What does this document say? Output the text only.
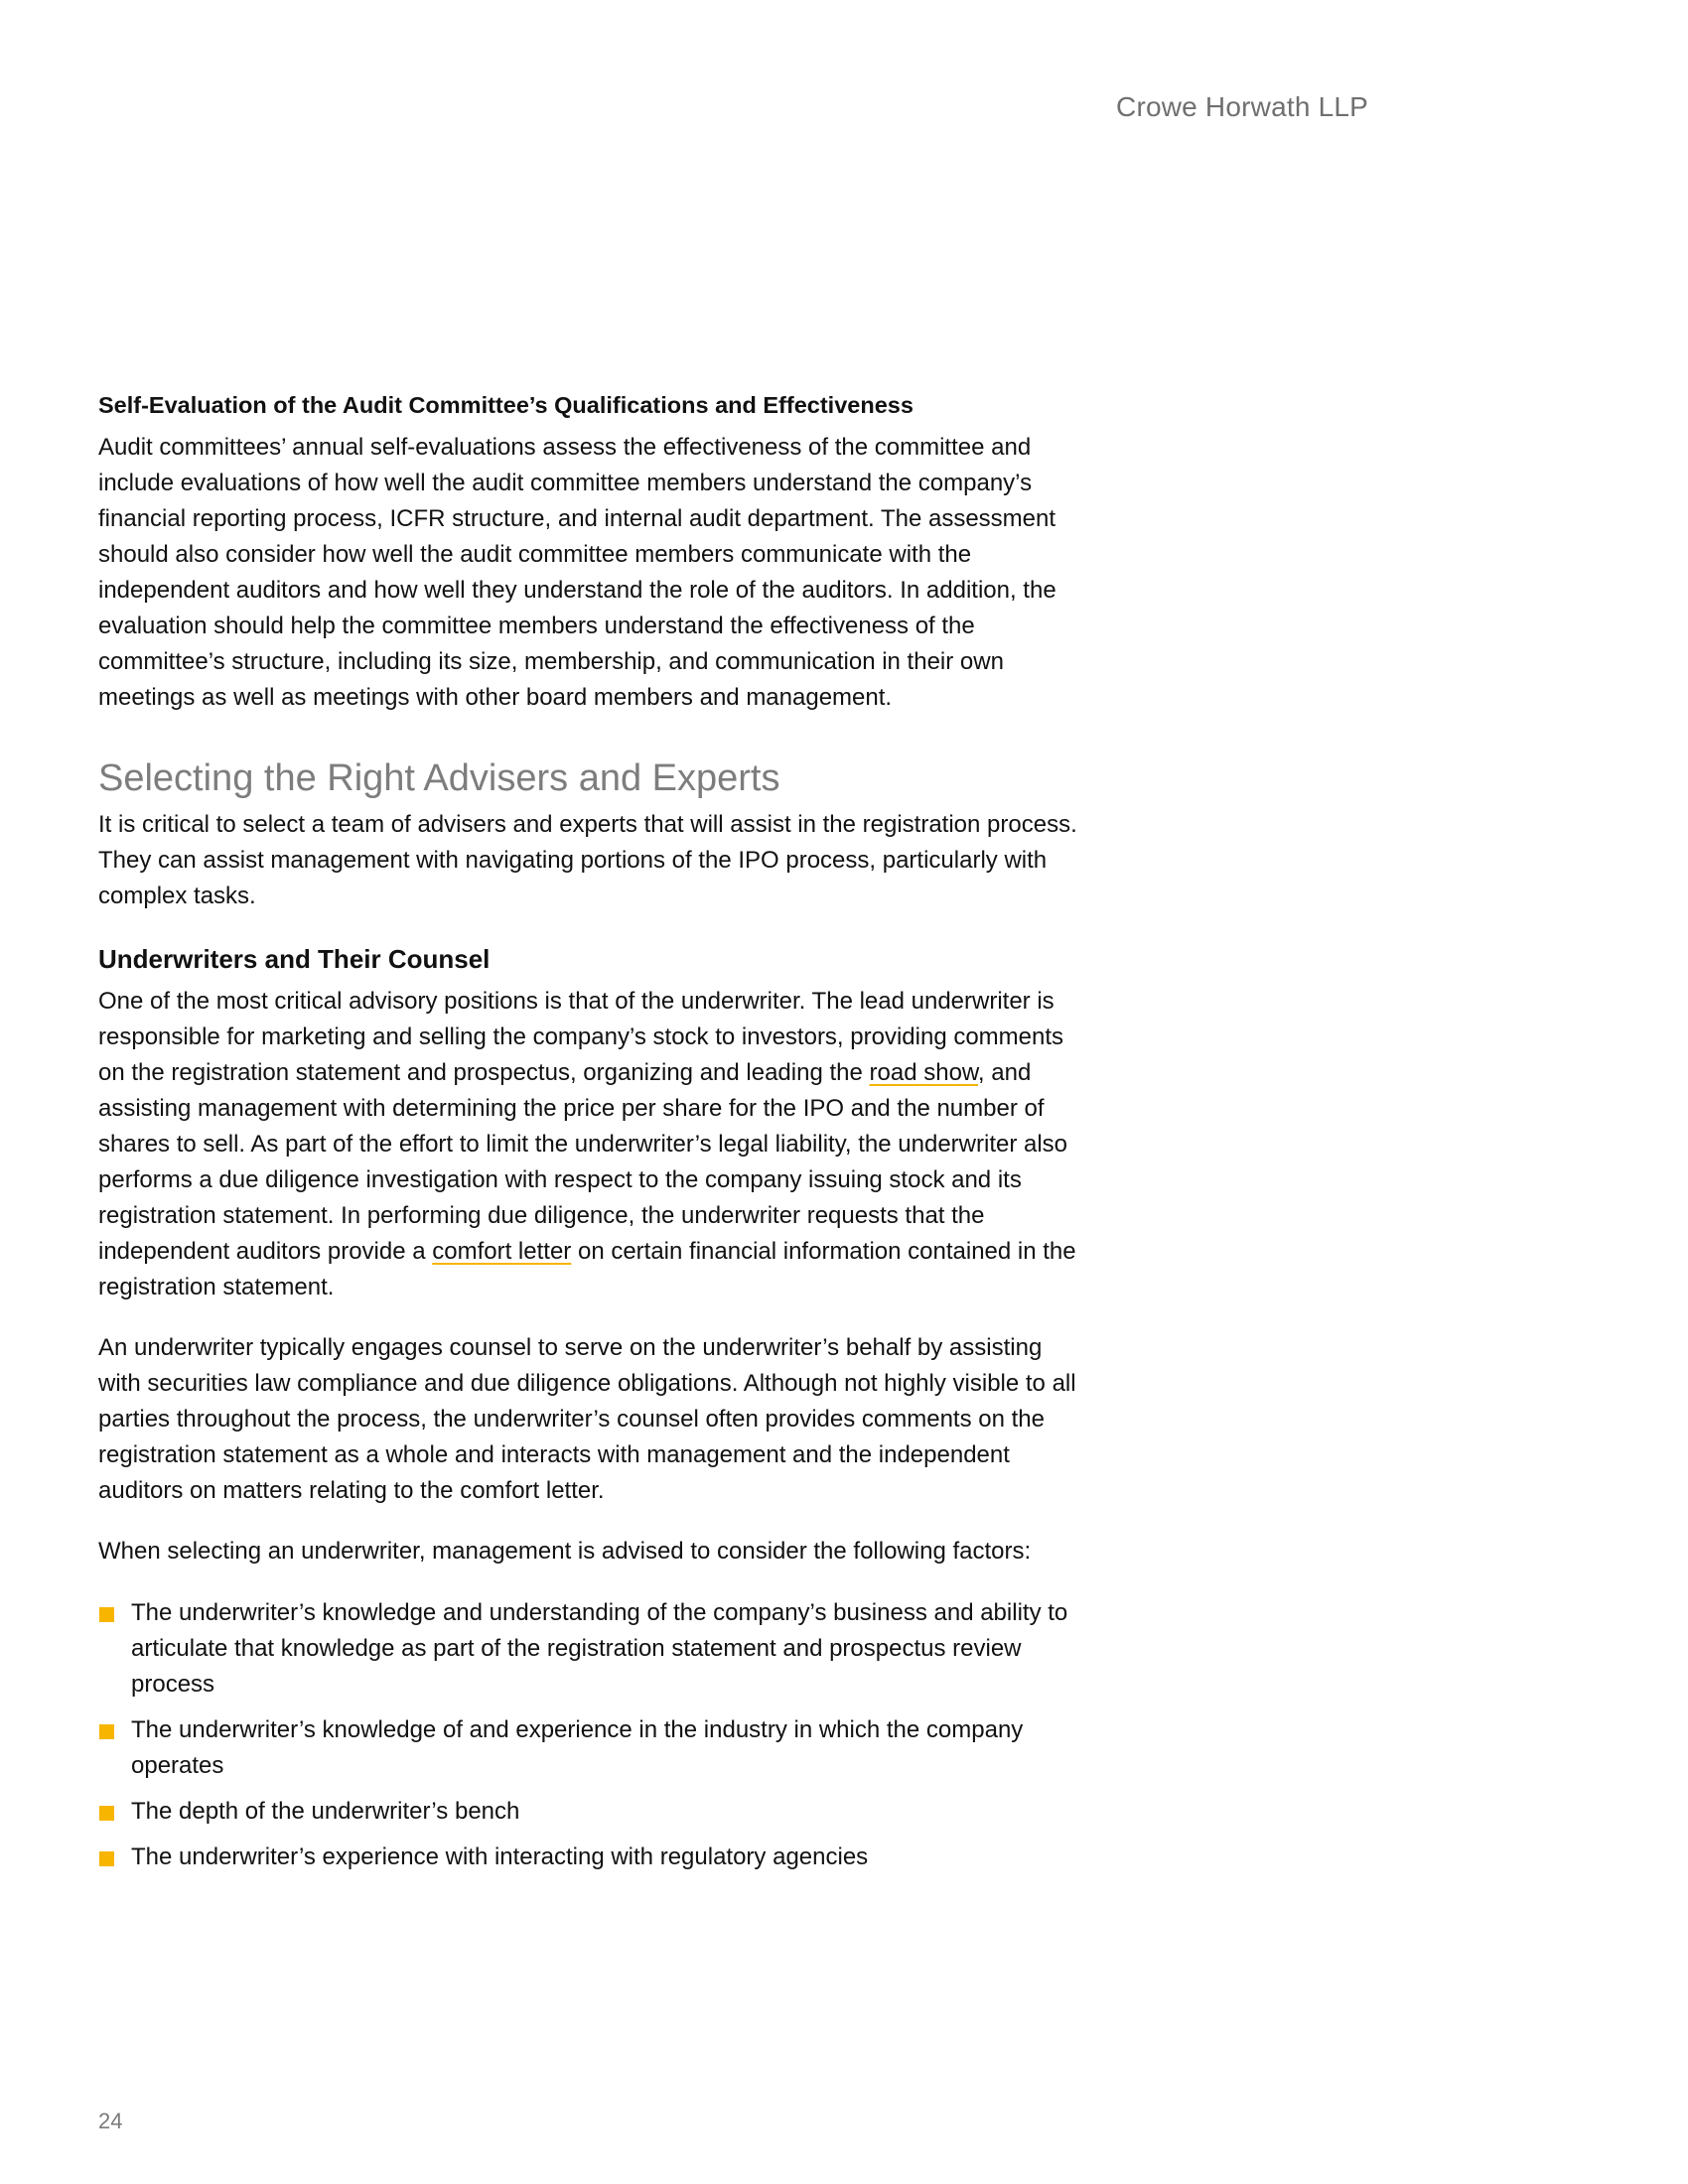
Crowe Horwath LLP
Self-Evaluation of the Audit Committee’s Qualifications and Effectiveness

Audit committees’ annual self-evaluations assess the effectiveness of the committee and include evaluations of how well the audit committee members understand the company’s financial reporting process, ICFR structure, and internal audit department. The assessment should also consider how well the audit committee members communicate with the independent auditors and how well they understand the role of the auditors. In addition, the evaluation should help the committee members understand the effectiveness of the committee’s structure, including its size, membership, and communication in their own meetings as well as meetings with other board members and management.

Selecting the Right Advisers and Experts

It is critical to select a team of advisers and experts that will assist in the registration process. They can assist management with navigating portions of the IPO process, particularly with complex tasks.

Underwriters and Their Counsel

One of the most critical advisory positions is that of the underwriter. The lead underwriter is responsible for marketing and selling the company’s stock to investors, providing comments on the registration statement and prospectus, organizing and leading the road show, and assisting management with determining the price per share for the IPO and the number of shares to sell. As part of the effort to limit the underwriter’s legal liability, the underwriter also performs a due diligence investigation with respect to the company issuing stock and its registration statement. In performing due diligence, the underwriter requests that the independent auditors provide a comfort letter on certain financial information contained in the registration statement.

An underwriter typically engages counsel to serve on the underwriter’s behalf by assisting with securities law compliance and due diligence obligations. Although not highly visible to all parties throughout the process, the underwriter’s counsel often provides comments on the registration statement as a whole and interacts with management and the independent auditors on matters relating to the comfort letter.

When selecting an underwriter, management is advised to consider the following factors:

The underwriter’s knowledge and understanding of the company’s business and ability to articulate that knowledge as part of the registration statement and prospectus review process
The underwriter’s knowledge of and experience in the industry in which the company operates
The depth of the underwriter’s bench
The underwriter’s experience with interacting with regulatory agencies
24
